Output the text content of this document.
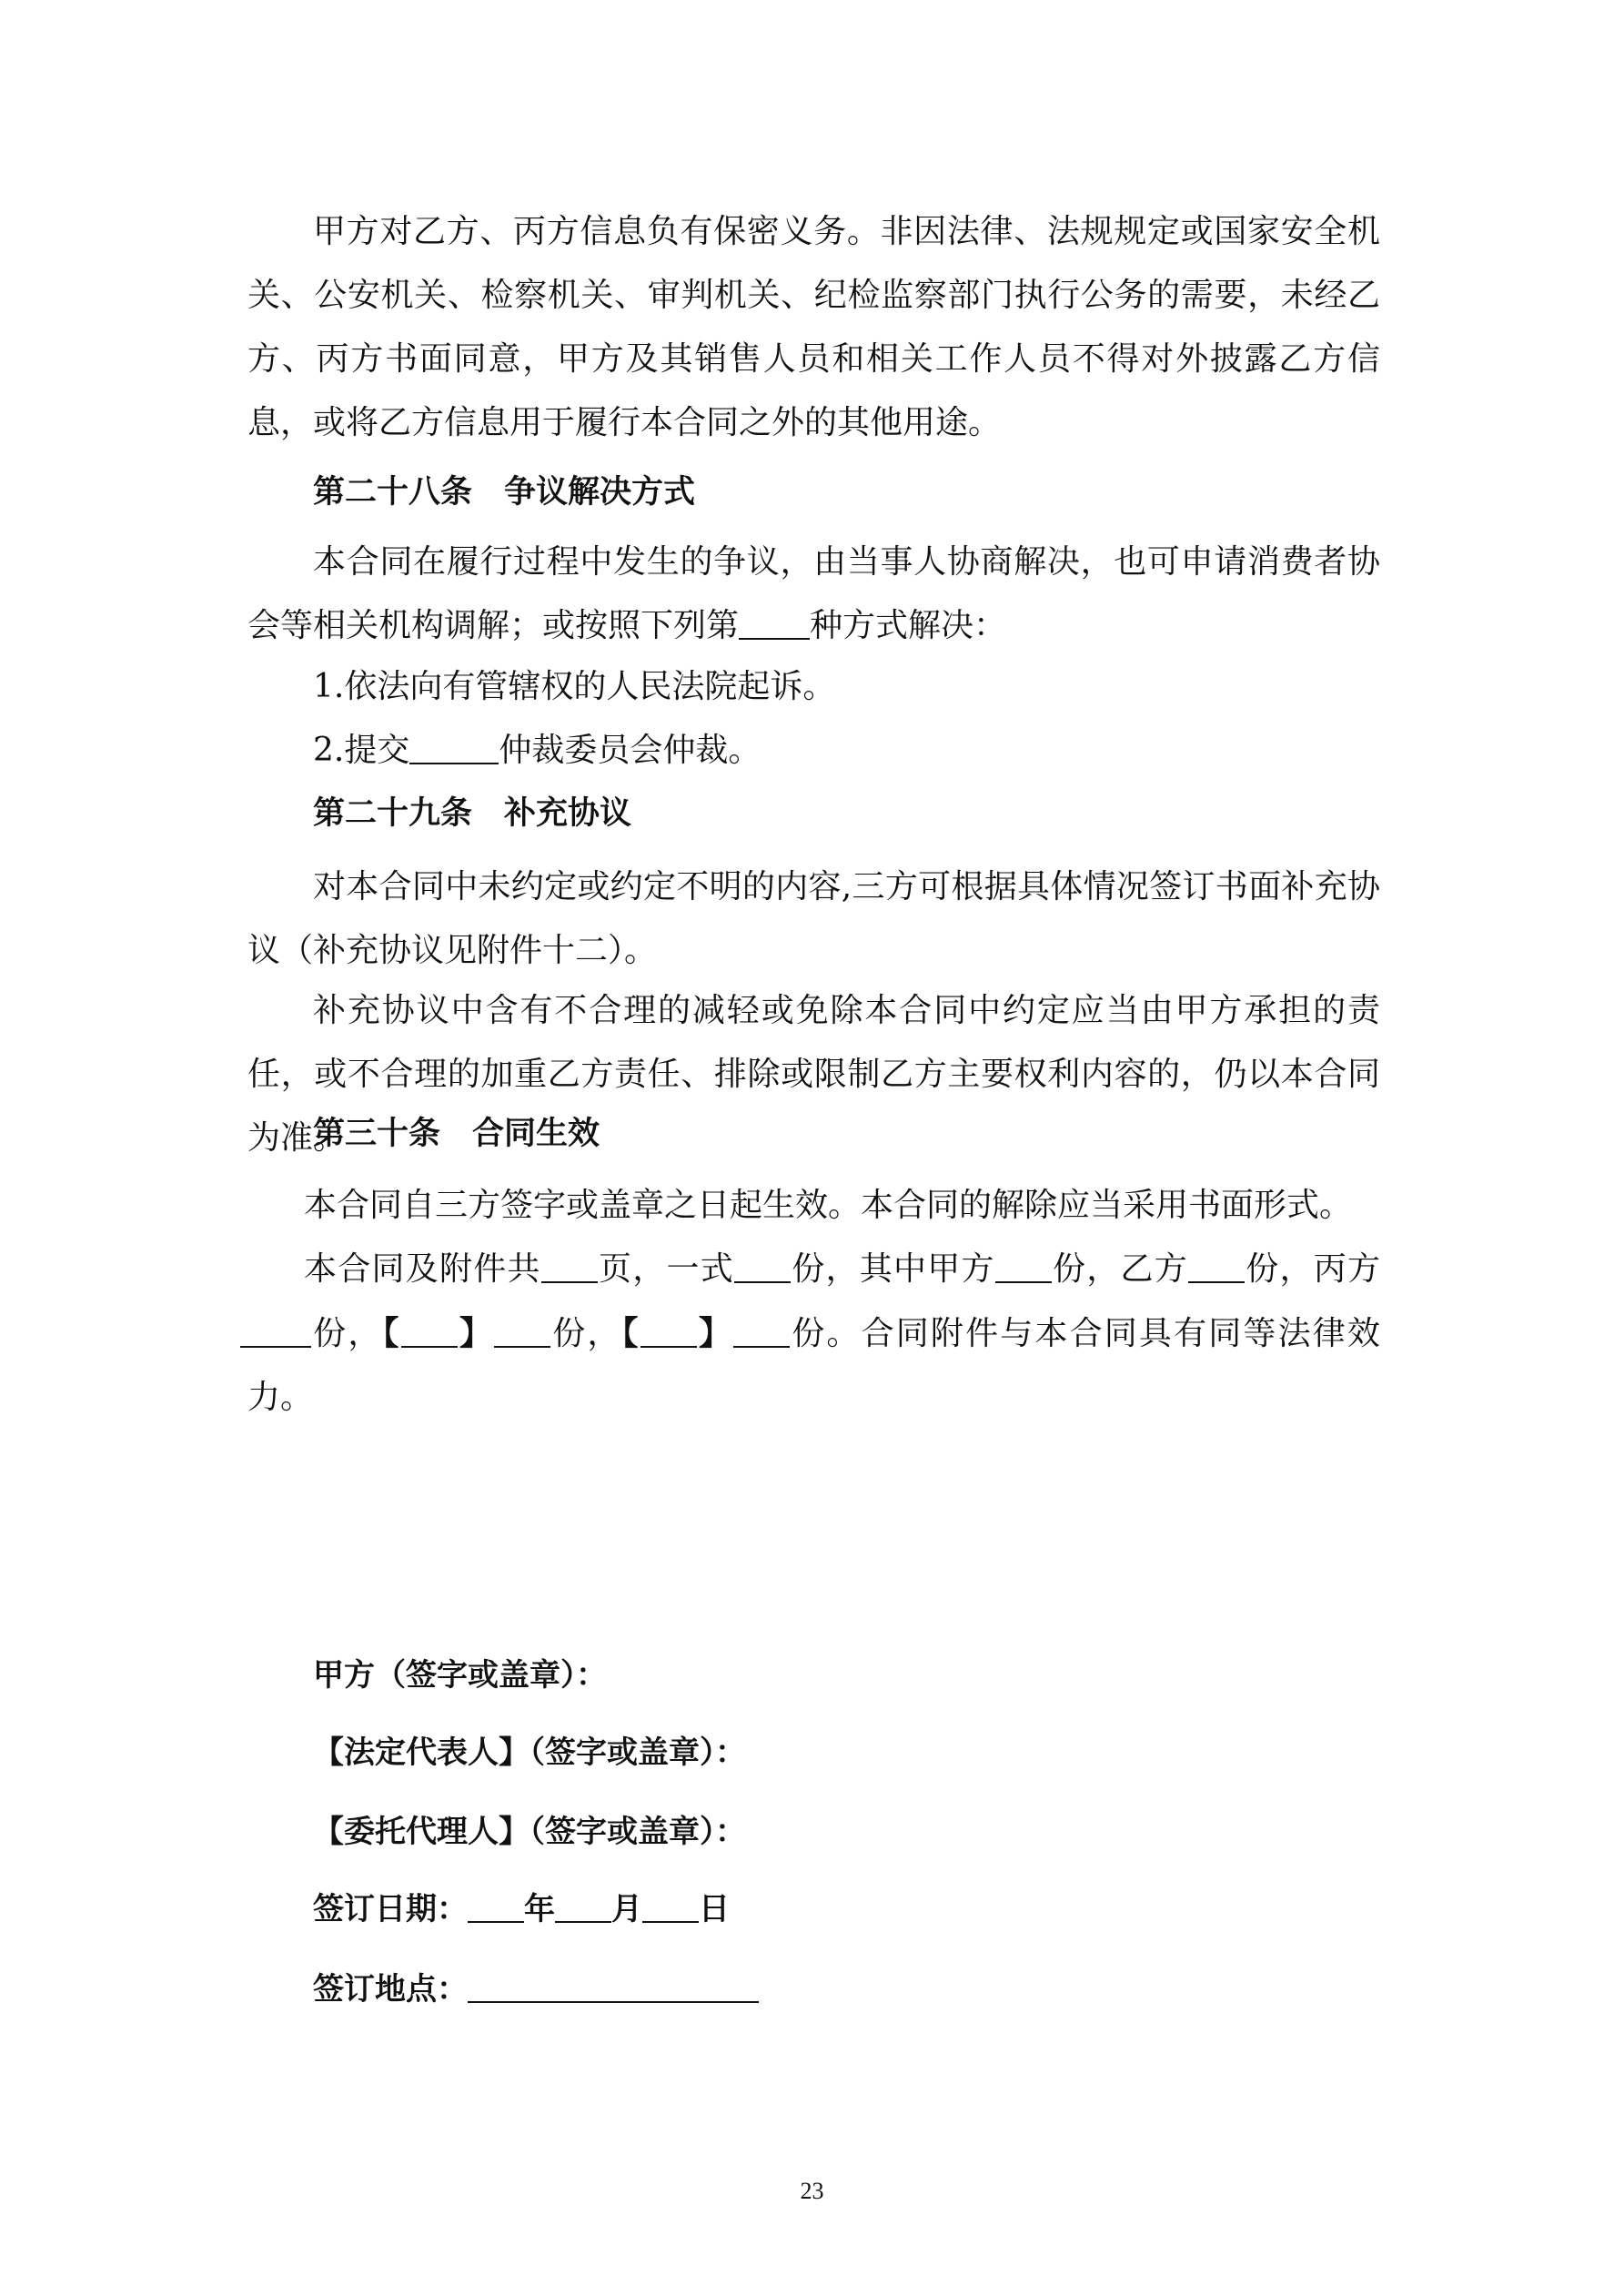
甲方对乙方、丙方信息负有保密义务。非因法律、法规规定或国家安全机关、公安机关、检察机关、审判机关、纪检监察部门执行公务的需要，未经乙方、丙方书面同意，甲方及其销售人员和相关工作人员不得对外披露乙方信息，或将乙方信息用于履行本合同之外的其他用途。

第二十八条　争议解决方式

本合同在履行过程中发生的争议，由当事人协商解决，也可申请消费者协会等相关机构调解；或按照下列第 种方式解决：

1.依法向有管辖权的人民法院起诉。

2.提交	仲裁委员会仲裁。

第二十九条　补充协议

对本合同中未约定或约定不明的内容,三方可根据具体情况签订书面补充协议（补充协议见附件十二）。

补充协议中含有不合理的减轻或免除本合同中约定应当由甲方承担的责任，或不合理的加重乙方责任、排除或限制乙方主要权利内容的，仍以本合同为准。

第三十条　合同生效

本合同自三方签字或盖章之日起生效。本合同的解除应当采用书面形式。

本合同及附件共 页，一式 份，其中甲方 份，乙方 份，丙方份，【 】 份，【 】 份。合同附件与本合同具有同等法律效力。

甲方（签字或盖章）：

【法定代表人】（签字或盖章）：

【委托代理人】（签字或盖章）：

签订日期： 年 月 日

签订地点：

23
